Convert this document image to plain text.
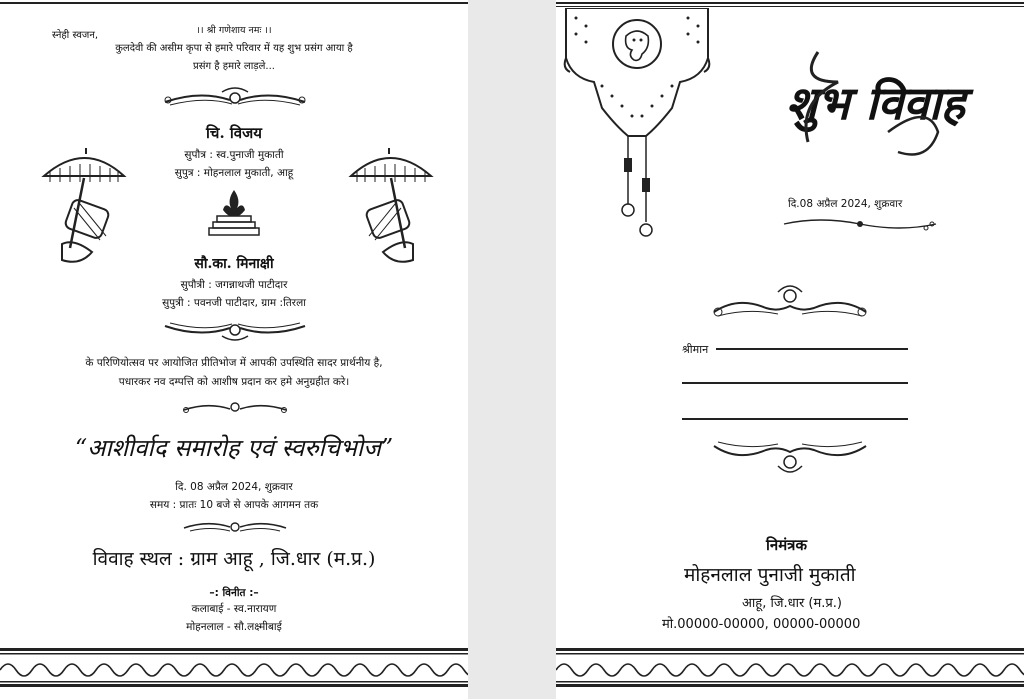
।। श्री गणेशाय नमः ।।
स्नेही स्वजन,
कुलदेवी की असीम कृपा से हमारे परिवार में यह शुभ प्रसंग आया है
प्रसंग है हमारे लाड़ले...
चि. विजय
सुपौत्र : स्व.पुनाजी मुकाती
सुपुत्र : मोहनलाल मुकाती, आहू
सौ.का. मिनाक्षी
सुपौत्री : जगन्नाथजी पाटीदार
सुपुत्री : पवनजी पाटीदार, ग्राम :तिरला
के परिणियोत्सव पर आयोजित प्रीतिभोज में आपकी उपस्थिति सादर प्रार्थनीय है,
पधारकर नव दम्पत्ति को आशीष प्रदान कर हमे अनुग्रहीत करे।
“आशीर्वाद समारोह एवं स्वरुचिभोज”
दि. 08 अप्रैल 2024, शुक्रवार
समय : प्रातः 10 बजे से आपके आगमन तक
विवाह स्थल : ग्राम आहू , जि.धार (म.प्र.)
–: विनीत :–
कलाबाई - स्व.नारायण
मोहनलाल - सौ.लक्ष्मीबाई
शुभ विवाह
दि.08 अप्रैल 2024, शुक्रवार
श्रीमान
निमंत्रक
मोहनलाल पुनाजी मुकाती
आहू, जि.धार (म.प्र.)
मो.00000-00000, 00000-00000
